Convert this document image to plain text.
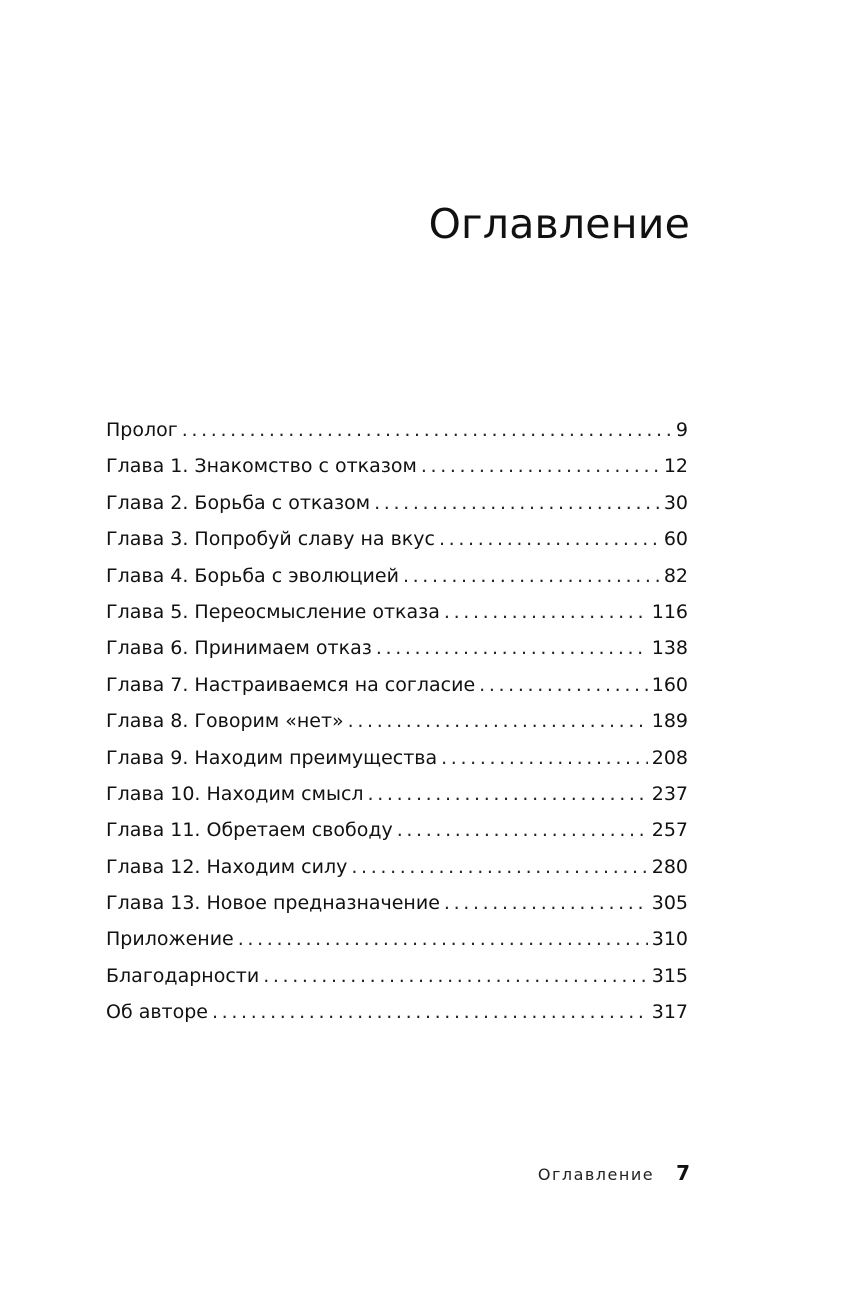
Оглавление
Пролог . . .	9
Глава 1. Знакомство с отказом . . .	12
Глава 2. Борьба с отказом . . .	30
Глава 3. Попробуй славу на вкус . . .	60
Глава 4. Борьба с эволюцией . . .	82
Глава 5. Переосмысление отказа . . .	116
Глава 6. Принимаем отказ . . .	138
Глава 7. Настраиваемся на согласие . . .	160
Глава 8. Говорим «нет» . . .	189
Глава 9. Находим преимущества . . .	208
Глава 10. Находим смысл . . .	237
Глава 11. Обретаем свободу . . .	257
Глава 12. Находим силу . . .	280
Глава 13. Новое предназначение . . .	305
Приложение . . .	310
Благодарности . . .	315
Об авторе . . .	317
Оглавление 7
